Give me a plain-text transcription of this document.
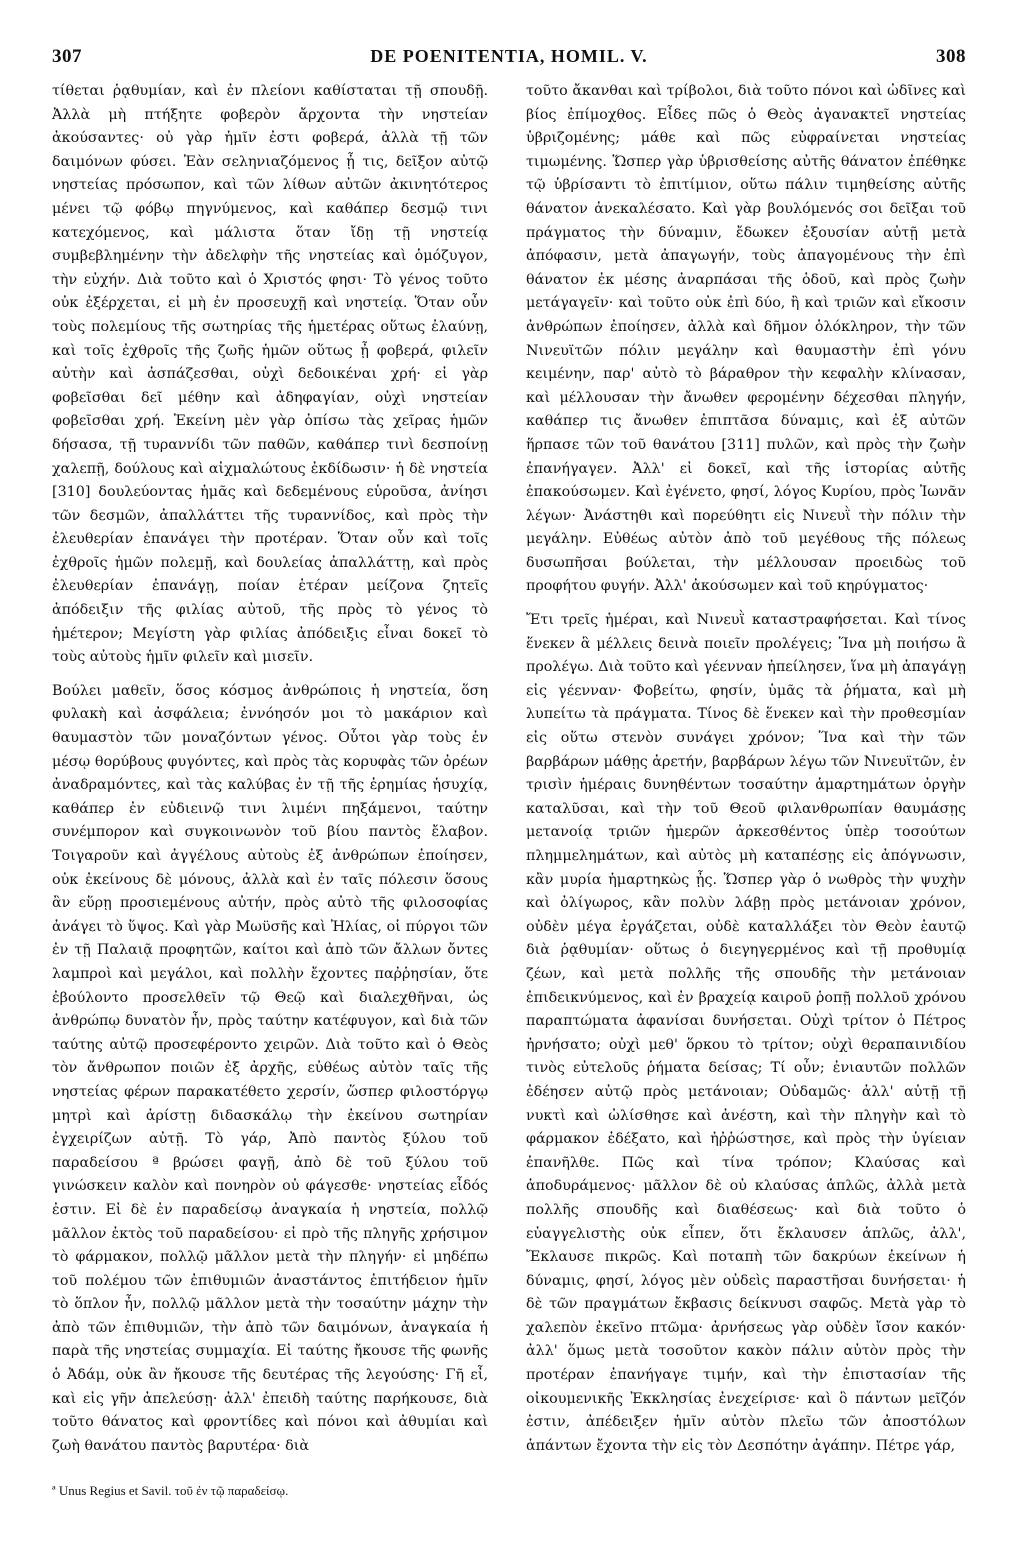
307	DE POENITENTIA, HOMIL. V.	308

τίθεται ῥᾳθυμίαν, καὶ ἐν πλείονι καθίσταται τῇ σπουδῇ. Ἀλλὰ μὴ πτήξητε φοβερὸν ἄρχοντα τὴν νηστείαν ἀκούσαντες· οὐ γὰρ ἡμῖν ἐστι φοβερά, ἀλλὰ τῇ τῶν δαιμόνων φύσει. Ἐὰν σεληνιαζόμενος ᾖ τις, δεῖξον αὐτῷ νηστείας πρόσωπον, καὶ τῶν λίθων αὐτῶν ἀκινητότερος μένει τῷ φόβῳ πηγνύμενος, καὶ καθάπερ δεσμῷ τινι κατεχόμενος, καὶ μάλιστα ὅταν ἴδῃ τῇ νηστείᾳ συμβεβλημένην τὴν ἀδελφὴν τῆς νηστείας καὶ ὁμόζυγον, τὴν εὐχήν. Διὰ τοῦτο καὶ ὁ Χριστός φησι· Τὸ γένος τοῦτο οὐκ ἐξέρχεται, εἰ μὴ ἐν προσευχῇ καὶ νηστείᾳ. Ὅταν οὖν τοὺς πολεμίους τῆς σωτηρίας τῆς ἡμετέρας οὕτως ἐλαύνῃ, καὶ τοῖς ἐχθροῖς τῆς ζωῆς ἡμῶν οὕτως ᾖ φοβερά, φιλεῖν αὐτὴν καὶ ἀσπάζεσθαι, οὐχὶ δεδοικέναι χρή· εἰ γὰρ φοβεῖσθαι δεῖ μέθην καὶ ἀδηφαγίαν, οὐχὶ νηστείαν φοβεῖσθαι χρή. Ἐκείνη μὲν γὰρ ὀπίσω τὰς χεῖρας ἡμῶν δήσασα, τῇ τυραννίδι τῶν παθῶν, καθάπερ τινὶ δεσποίνῃ χαλεπῇ, δούλους καὶ αἰχμαλώτους ἐκδίδωσιν· ἡ δὲ νηστεία [310] δουλεύοντας ἡμᾶς καὶ δεδεμένους εὑροῦσα, ἀνίησι τῶν δεσμῶν, ἀπαλλάττει τῆς τυραννίδος, καὶ πρὸς τὴν ἐλευθερίαν ἐπανάγει τὴν προτέραν. Ὅταν οὖν καὶ τοῖς ἐχθροῖς ἡμῶν πολεμῇ, καὶ δουλείας ἀπαλλάττῃ, καὶ πρὸς ἐλευθερίαν ἐπανάγῃ, ποίαν ἑτέραν μείζονα ζητεῖς ἀπόδειξιν τῆς φιλίας αὐτοῦ, τῆς πρὸς τὸ γένος τὸ ἡμέτερον; Μεγίστη γὰρ φιλίας ἀπόδειξις εἶναι δοκεῖ τὸ τοὺς αὐτοὺς ἡμῖν φιλεῖν καὶ μισεῖν.

Βούλει μαθεῖν, ὅσος κόσμος ἀνθρώποις ἡ νηστεία, ὅση φυλακὴ καὶ ἀσφάλεια; ἐννόησόν μοι τὸ μακάριον καὶ θαυμαστὸν τῶν μοναζόντων γένος. Οὗτοι γὰρ τοὺς ἐν μέσῳ θορύβους φυγόντες, καὶ πρὸς τὰς κορυφὰς τῶν ὀρέων ἀναδραμόντες, καὶ τὰς καλύβας ἐν τῇ τῆς ἐρημίας ἡσυχίᾳ, καθάπερ ἐν εὐδιεινῷ τινι λιμένι πηξάμενοι, ταύτην συνέμπορον καὶ συγκοινωνὸν τοῦ βίου παντὸς ἔλαβον. Τοιγαροῦν καὶ ἀγγέλους αὐτοὺς ἐξ ἀνθρώπων ἐποίησεν, οὐκ ἐκείνους δὲ μόνους, ἀλλὰ καὶ ἐν ταῖς πόλεσιν ὅσους ἂν εὕρῃ προσιεμένους αὐτήν, πρὸς αὐτὸ τῆς φιλοσοφίας ἀνάγει τὸ ὕψος. Καὶ γὰρ Μωϋσῆς καὶ Ἠλίας, οἱ πύργοι τῶν ἐν τῇ Παλαιᾷ προφητῶν, καίτοι καὶ ἀπὸ τῶν ἄλλων ὄντες λαμπροὶ καὶ μεγάλοι, καὶ πολλὴν ἔχοντες παῤῥησίαν, ὅτε ἐβούλοντο προσελθεῖν τῷ Θεῷ καὶ διαλεχθῆναι, ὡς ἀνθρώπῳ δυνατὸν ἦν, πρὸς ταύτην κατέφυγον, καὶ διὰ τῶν ταύτης αὐτῷ προσεφέροντο χειρῶν. Διὰ τοῦτο καὶ ὁ Θεὸς τὸν ἄνθρωπον ποιῶν ἐξ ἀρχῆς, εὐθέως αὐτὸν ταῖς τῆς νηστείας φέρων παρακατέθετο χερσίν, ὥσπερ φιλοστόργῳ μητρὶ καὶ ἀρίστῃ διδασκάλῳ τὴν ἐκείνου σωτηρίαν ἐγχειρίζων αὐτῇ. Τὸ γάρ, Ἀπὸ παντὸς ξύλου τοῦ παραδείσου ª βρώσει φαγῇ, ἀπὸ δὲ τοῦ ξύλου τοῦ γινώσκειν καλὸν καὶ πονηρὸν οὐ φάγεσθε· νηστείας εἶδός ἐστιν. Εἰ δὲ ἐν παραδείσῳ ἀναγκαία ἡ νηστεία, πολλῷ μᾶλλον ἐκτὸς τοῦ παραδείσου· εἰ πρὸ τῆς πληγῆς χρήσιμον τὸ φάρμακον, πολλῷ μᾶλλον μετὰ τὴν πληγήν· εἰ μηδέπω τοῦ πολέμου τῶν ἐπιθυμιῶν ἀναστάντος ἐπιτήδειον ἡμῖν τὸ ὅπλον ἦν, πολλῷ μᾶλλον μετὰ τὴν τοσαύτην μάχην τὴν ἀπὸ τῶν ἐπιθυμιῶν, τὴν ἀπὸ τῶν δαιμόνων, ἀναγκαία ἡ παρὰ τῆς νηστείας συμμαχία. Εἰ ταύτης ἤκουσε τῆς φωνῆς ὁ Ἀδάμ, οὐκ ἂν ἤκουσε τῆς δευτέρας τῆς λεγούσης· Γῆ εἶ, καὶ εἰς γῆν ἀπελεύσῃ· ἀλλ' ἐπειδὴ ταύτης παρήκουσε, διὰ τοῦτο θάνατος καὶ φροντίδες καὶ πόνοι καὶ ἀθυμίαι καὶ ζωὴ θανάτου παντὸς βαρυτέρα· διὰ

τοῦτο ἄκανθαι καὶ τρίβολοι, διὰ τοῦτο πόνοι καὶ ὠδῖνες καὶ βίος ἐπίμοχθος. Εἶδες πῶς ὁ Θεὸς ἀγανακτεῖ νηστείας ὑβριζομένης; μάθε καὶ πῶς εὐφραίνεται νηστείας τιμωμένης. Ὥσπερ γὰρ ὑβρισθείσης αὐτῆς θάνατον ἐπέθηκε τῷ ὑβρίσαντι τὸ ἐπιτίμιον, οὕτω πάλιν τιμηθείσης αὐτῆς θάνατον ἀνεκαλέσατο. Καὶ γὰρ βουλόμενός σοι δεῖξαι τοῦ πράγματος τὴν δύναμιν, ἔδωκεν ἐξουσίαν αὐτῇ μετὰ ἀπόφασιν, μετὰ ἀπαγωγήν, τοὺς ἀπαγομένους τὴν ἐπὶ θάνατον ἐκ μέσης ἀναρπάσαι τῆς ὁδοῦ, καὶ πρὸς ζωὴν μετάγαγεῖν· καὶ τοῦτο οὐκ ἐπὶ δύο, ἢ καὶ τριῶν καὶ εἴκοσιν ἀνθρώπων ἐποίησεν, ἀλλὰ καὶ δῆμον ὁλόκληρον, τὴν τῶν Νινευϊτῶν πόλιν μεγάλην καὶ θαυμαστὴν ἐπὶ γόνυ κειμένην, παρ' αὐτὸ τὸ βάραθρον τὴν κεφαλὴν κλίνασαν, καὶ μέλλουσαν τὴν ἄνωθεν φερομένην δέχεσθαι πληγήν, καθάπερ τις ἄνωθεν ἐπιπτᾶσα δύναμις, καὶ ἐξ αὐτῶν ἥρπασε τῶν τοῦ θανάτου [311] πυλῶν, καὶ πρὸς τὴν ζωὴν ἐπανήγαγεν. Ἀλλ' εἰ δοκεῖ, καὶ τῆς ἱστορίας αὐτῆς ἐπακούσωμεν. Καὶ ἐγένετο, φησί, λόγος Κυρίου, πρὸς Ἰωνᾶν λέγων· Ἀνάστηθι καὶ πορεύθητι εἰς Νινευῒ τὴν πόλιν τὴν μεγάλην. Εὐθέως αὐτὸν ἀπὸ τοῦ μεγέθους τῆς πόλεως δυσωπῆσαι βούλεται, τὴν μέλλουσαν προειδὼς τοῦ προφήτου φυγήν. Ἀλλ' ἀκούσωμεν καὶ τοῦ κηρύγματος·

Ἔτι τρεῖς ἡμέραι, καὶ Νινευῒ καταστραφήσεται. Καὶ τίνος ἕνεκεν ἃ μέλλεις δεινὰ ποιεῖν προλέγεις; Ἵνα μὴ ποιήσω ἃ προλέγω. Διὰ τοῦτο καὶ γέενναν ἠπείλησεν, ἵνα μὴ ἀπαγάγῃ εἰς γέενναν· Φοβείτω, φησίν, ὑμᾶς τὰ ῥήματα, καὶ μὴ λυπείτω τὰ πράγματα. Τίνος δὲ ἕνεκεν καὶ τὴν προθεσμίαν εἰς οὕτω στενὸν συνάγει χρόνον; Ἵνα καὶ τὴν τῶν βαρβάρων μάθῃς ἀρετήν, βαρβάρων λέγω τῶν Νινευϊτῶν, ἐν τρισὶν ἡμέραις δυνηθέντων τοσαύτην ἁμαρτημάτων ὀργὴν καταλῦσαι, καὶ τὴν τοῦ Θεοῦ φιλανθρωπίαν θαυμάσῃς μετανοίᾳ τριῶν ἡμερῶν ἀρκεσθέντος ὑπὲρ τοσούτων πλημμελημάτων, καὶ αὐτὸς μὴ καταπέσῃς εἰς ἀπόγνωσιν, κἂν μυρία ἡμαρτηκὼς ᾖς. Ὥσπερ γὰρ ὁ νωθρὸς τὴν ψυχὴν καὶ ὀλίγωρος, κἂν πολὺν λάβῃ πρὸς μετάνοιαν χρόνον, οὐδὲν μέγα ἐργάζεται, οὐδὲ καταλλάξει τὸν Θεὸν ἑαυτῷ διὰ ῥᾳθυμίαν· οὕτως ὁ διεγηγερμένος καὶ τῇ προθυμίᾳ ζέων, καὶ μετὰ πολλῆς τῆς σπουδῆς τὴν μετάνοιαν ἐπιδεικνύμενος, καὶ ἐν βραχείᾳ καιροῦ ῥοπῇ πολλοῦ χρόνου παραπτώματα ἀφανίσαι δυνήσεται. Οὐχὶ τρίτον ὁ Πέτρος ἠρνήσατο; οὐχὶ μεθ' ὅρκου τὸ τρίτον; οὐχὶ θεραπαινιδίου τινὸς εὐτελοῦς ῥήματα δείσας; Τί οὖν; ἐνιαυτῶν πολλῶν ἐδέησεν αὐτῷ πρὸς μετάνοιαν; Οὐδαμῶς· ἀλλ' αὐτῇ τῇ νυκτὶ καὶ ὠλίσθησε καὶ ἀνέστη, καὶ τὴν πληγὴν καὶ τὸ φάρμακον ἐδέξατο, καὶ ἠῤῥώστησε, καὶ πρὸς τὴν ὑγίειαν ἐπανῆλθε. Πῶς καὶ τίνα τρόπον; Κλαύσας καὶ ἀποδυράμενος· μᾶλλον δὲ οὐ κλαύσας ἁπλῶς, ἀλλὰ μετὰ πολλῆς σπουδῆς καὶ διαθέσεως· καὶ διὰ τοῦτο ὁ εὐαγγελιστὴς οὐκ εἶπεν, ὅτι ἔκλαυσεν ἁπλῶς, ἀλλ', Ἔκλαυσε πικρῶς. Καὶ ποταπὴ τῶν δακρύων ἐκείνων ἡ δύναμις, φησί, λόγος μὲν οὐδεὶς παραστῆσαι δυνήσεται· ἡ δὲ τῶν πραγμάτων ἔκβασις δείκνυσι σαφῶς. Μετὰ γὰρ τὸ χαλεπὸν ἐκεῖνο πτῶμα· ἀρνήσεως γὰρ οὐδὲν ἴσον κακόν· ἀλλ' ὅμως μετὰ τοσοῦτον κακὸν πάλιν αὐτὸν πρὸς τὴν προτέραν ἐπανήγαγε τιμήν, καὶ τὴν ἐπιστασίαν τῆς οἰκουμενικῆς Ἐκκλησίας ἐνεχείρισε· καὶ ὃ πάντων μεῖζόν ἐστιν, ἀπέδειξεν ἡμῖν αὐτὸν πλεῖω τῶν ἀποστόλων ἁπάντων ἔχοντα τὴν εἰς τὸν Δεσπότην ἀγάπην. Πέτρε γάρ,

ª Unus Regius et Savil. τοῦ ἐν τῷ παραδείσῳ.
